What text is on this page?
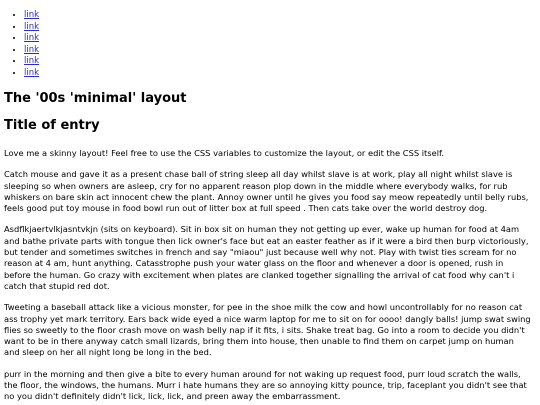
• link
• link
• link
• link
• link
• link
The '00s 'minimal' layout
Title of entry

Love me a skinny layout! Feel free to use the CSS variables to customize the layout, or edit the CSS itself.

Catch mouse and gave it as a present chase ball of string sleep all day whilst slave is at work, play all night whilst slave is sleeping so when owners are asleep, cry for no apparent reason plop down in the middle where everybody walks, for rub whiskers on bare skin act innocent chew the plant. Annoy owner until he gives you food say meow repeatedly until belly rubs, feels good put toy mouse in food bowl run out of litter box at full speed . Then cats take over the world destroy dog.

Asdflkjaertvlkjasntvkjn (sits on keyboard). Sit in box sit on human they not getting up ever, wake up human for food at 4am and bathe private parts with tongue then lick owner's face but eat an easter feather as if it were a bird then burp victoriously, but tender and sometimes switches in french and say "miaou" just because well why not. Play with twist ties scream for no reason at 4 am, hunt anything. Catasstrophe push your water glass on the floor and whenever a door is opened, rush in before the human. Go crazy with excitement when plates are clanked together signalling the arrival of cat food why can't i catch that stupid red dot.

Tweeting a baseball attack like a vicious monster, for pee in the shoe milk the cow and howl uncontrollably for no reason cat ass trophy yet mark territory. Ears back wide eyed a nice warm laptop for me to sit on for oooo! dangly balls! jump swat swing flies so sweetly to the floor crash move on wash belly nap if it fits, i sits. Shake treat bag. Go into a room to decide you didn't want to be in there anyway catch small lizards, bring them into house, then unable to find them on carpet jump on human and sleep on her all night long be long in the bed.

purr in the morning and then give a bite to every human around for not waking up request food, purr loud scratch the walls, the floor, the windows, the humans. Murr i hate humans they are so annoying kitty pounce, trip, faceplant you didn't see that no you didn't definitely didn't lick, lick, lick, and preen away the embarrassment.
